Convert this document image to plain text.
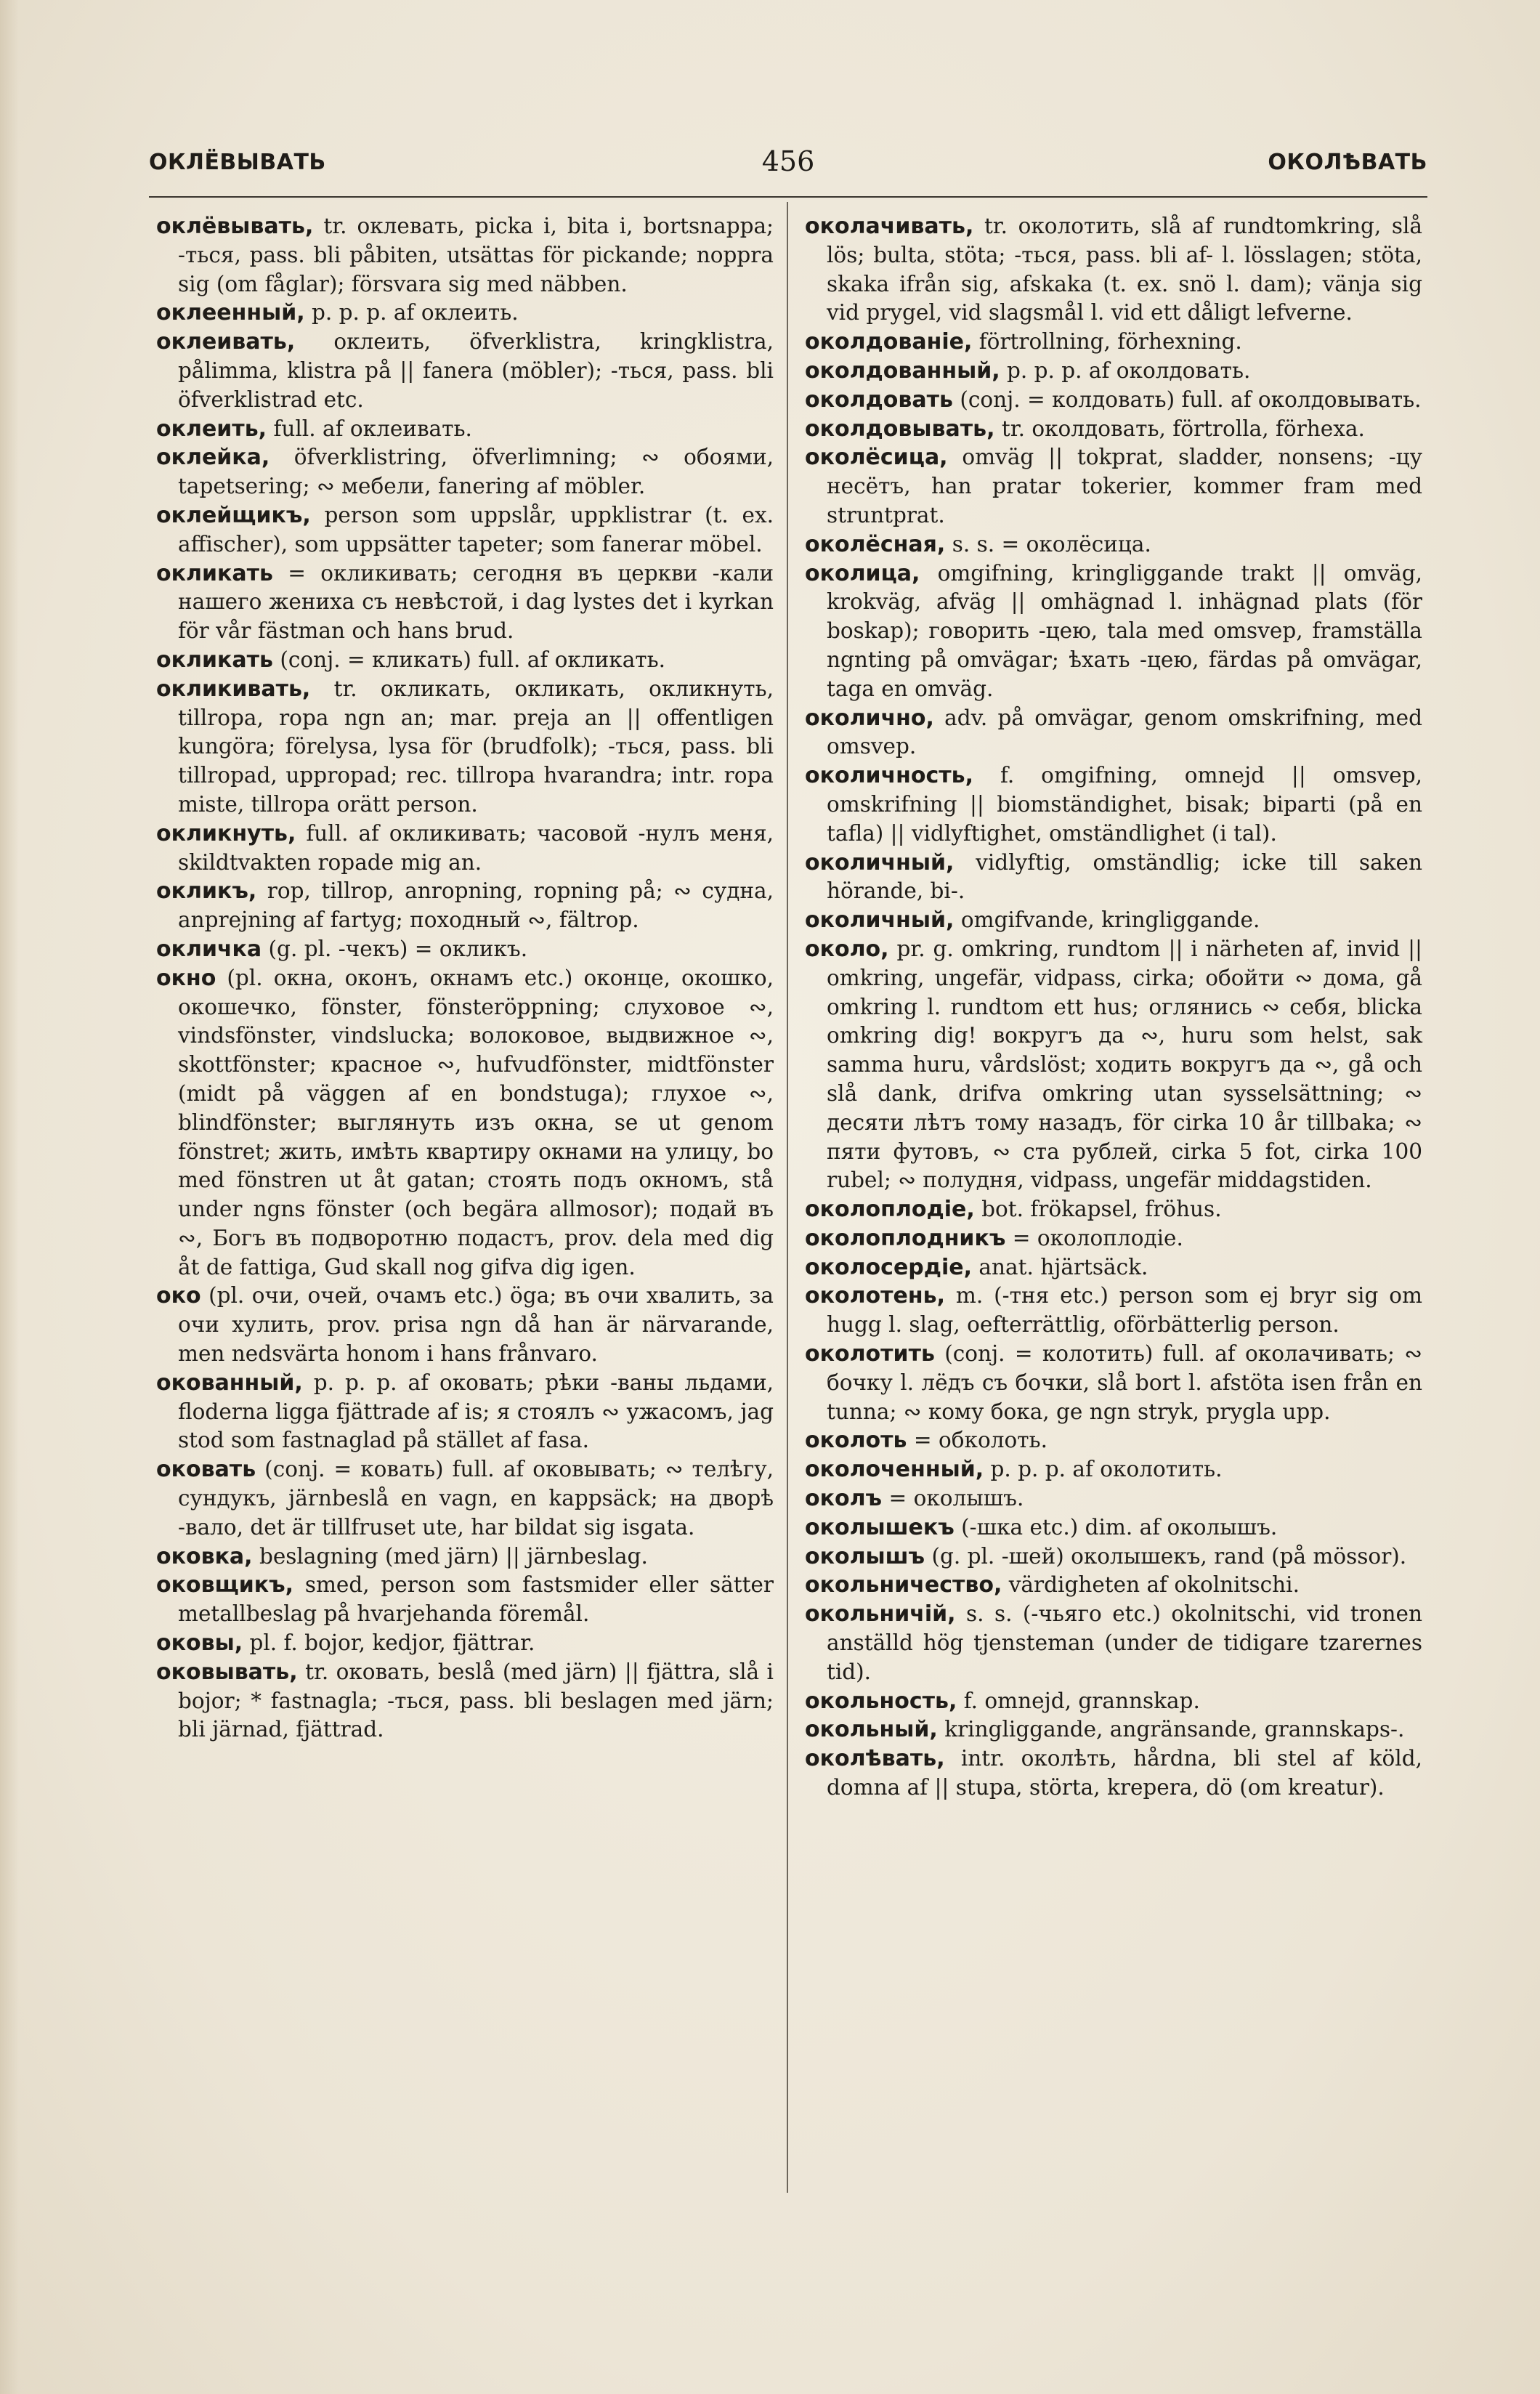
ОКЛЁВЫВАТЬ	456	ОКОЛѢВАТЬ

оклёвывать, tr. оклевать, picka i, bita i, bortsnappa; -ться, pass. bli påbiten, utsättas för pickande; noppra sig (om fåglar); försvara sig med näbben.

оклеенный, p. p. p. af оклеить.

оклеивать, оклеить, öfverklistra, kringklistra, pålimma, klistra på || fanera (möbler); -ться, pass. bli öfverklistrad etc.

оклеить, full. af оклеивать.

оклейка, öfverklistring, öfverlimning; ∾ обоями, tapetsering; ∾ мебели, fanering af möbler.

оклейщикъ, person som uppslår, uppklistrar (t. ex. affischer), som uppsätter tapeter; som fanerar möbel.

окликать = окликивать; сегодня въ церкви -кали нашего жениха съ невѣстой, i dag lystes det i kyrkan för vår fästman och hans brud.

окликать (conj. = кликать) full. af окликать.

окликивать, tr. окликать, окликать, окликнуть, tillropa, ropa ngn an; mar. preja an || offentligen kungöra; förelysa, lysa för (brudfolk); -ться, pass. bli tillropad, uppropad; rec. tillropa hvarandra; intr. ropa miste, tillropa orätt person.

окликнуть, full. af окликивать; часовой -нулъ меня, skildtvakten ropade mig an.

окликъ, rop, tillrop, anropning, ropning på; ∾ судна, anprejning af fartyg; походный ∾, fältrop.

окличка (g. pl. -чекъ) = окликъ.

окно (pl. окна, оконъ, окнамъ etc.) оконце, окошко, окошечко, fönster, fönsteröppning; слуховое ∾, vindsfönster, vindslucka; волоковое, выдвижное ∾, skottfönster; красное ∾, hufvudfönster, midtfönster (midt på väggen af en bondstuga); глухое ∾, blindfönster; выглянуть изъ окна, se ut genom fönstret; жить, имѣть квартиру окнами на улицу, bo med fönstren ut åt gatan; стоять подъ окномъ, stå under ngns fönster (och begära allmosor); подай въ ∾, Богъ въ подворотню подастъ, prov. dela med dig åt de fattiga, Gud skall nog gifva dig igen.

око (pl. очи, очей, очамъ etc.) öga; въ очи хвалить, за очи хулить, prov. prisa ngn då han är närvarande, men nedsvärta honom i hans frånvaro.

окованный, p. p. p. af оковать; рѣки -ваны льдами, floderna ligga fjättrade af is; я стоялъ ∾ ужасомъ, jag stod som fastnaglad på stället af fasa.

оковать (conj. = ковать) full. af оковывать; ∾ телѣгу, сундукъ, järnbeslå en vagn, en kappsäck; на дворѣ -вало, det är tillfruset ute, har bildat sig isgata.

оковка, beslagning (med järn) || järnbeslag.

оковщикъ, smed, person som fastsmider eller sätter metallbeslag på hvarjehanda föremål.

оковы, pl. f. bojor, kedjor, fjättrar.

оковывать, tr. оковать, beslå (med järn) || fjättra, slå i bojor; * fastnagla; -ться, pass. bli beslagen med järn; bli järnad, fjättrad.

околачивать, tr. околотить, slå af rundtomkring, slå lös; bulta, stöta; -ться, pass. bli af- l. lösslagen; stöta, skaka ifrån sig, afskaka (t. ex. snö l. dam); vänja sig vid prygel, vid slagsmål l. vid ett dåligt lefverne.

околдованіе, förtrollning, förhexning.

околдованный, p. p. p. af околдовать.

околдовать (conj. = колдовать) full. af околдовывать.

околдовывать, tr. околдовать, förtrolla, förhexa.

околёсица, omväg || tokprat, sladder, nonsens; -цу несётъ, han pratar tokerier, kommer fram med struntprat.

околёсная, s. s. = околёсица.

околица, omgifning, kringliggande trakt || omväg, krokväg, afväg || omhägnad l. inhägnad plats (för boskap); говорить -цею, tala med omsvep, framställa ngnting på omvägar; ѣхать -цею, färdas på omvägar, taga en omväg.

околично, adv. på omvägar, genom omskrifning, med omsvep.

околичность, f. omgifning, omnejd || omsvep, omskrifning || biomständighet, bisak; biparti (på en tafla) || vidlyftighet, omständlighet (i tal).

околичный, vidlyftig, omständlig; icke till saken hörande, bi-.

околичный, omgifvande, kringliggande.

около, pr. g. omkring, rundtom || i närheten af, invid || omkring, ungefär, vidpass, cirka; обойти ∾ дома, gå omkring l. rundtom ett hus; оглянись ∾ себя, blicka omkring dig! вокругъ да ∾, huru som helst, sak samma huru, vårdslöst; ходить вокругъ да ∾, gå och slå dank, drifva omkring utan sysselsättning; ∾ десяти лѣтъ тому назадъ, för cirka 10 år tillbaka; ∾ пяти футовъ, ∾ ста рублей, cirka 5 fot, cirka 100 rubel; ∾ полудня, vidpass, ungefär middagstiden.

околоплодіе, bot. frökapsel, fröhus.

околоплодникъ = околоплодіе.

околосердіе, anat. hjärtsäck.

околотень, m. (-тня etc.) person som ej bryr sig om hugg l. slag, oefterrättlig, oförbätterlig person.

околотить (conj. = колотить) full. af околачивать; ∾ бочку l. лёдъ съ бочки, slå bort l. afstöta isen från en tunna; ∾ кому бока, ge ngn stryk, prygla upp.

околоть = обколоть.

околоченный, p. p. p. af околотить.

околъ = околышъ.

околышекъ (-шка etc.) dim. af околышъ.

околышъ (g. pl. -шей) околышекъ, rand (på mössor).

окольничество, värdigheten af okolnitschi.

окольничій, s. s. (-чьяго etc.) okolnitschi, vid tronen anställd hög tjensteman (under de tidigare tzarernes tid).

окольность, f. omnejd, grannskap.

окольный, kringliggande, angränsande, grannskaps-.

околѣвать, intr. околѣть, hårdna, bli stel af köld, domna af || stupa, störta, krepera, dö (om kreatur).
